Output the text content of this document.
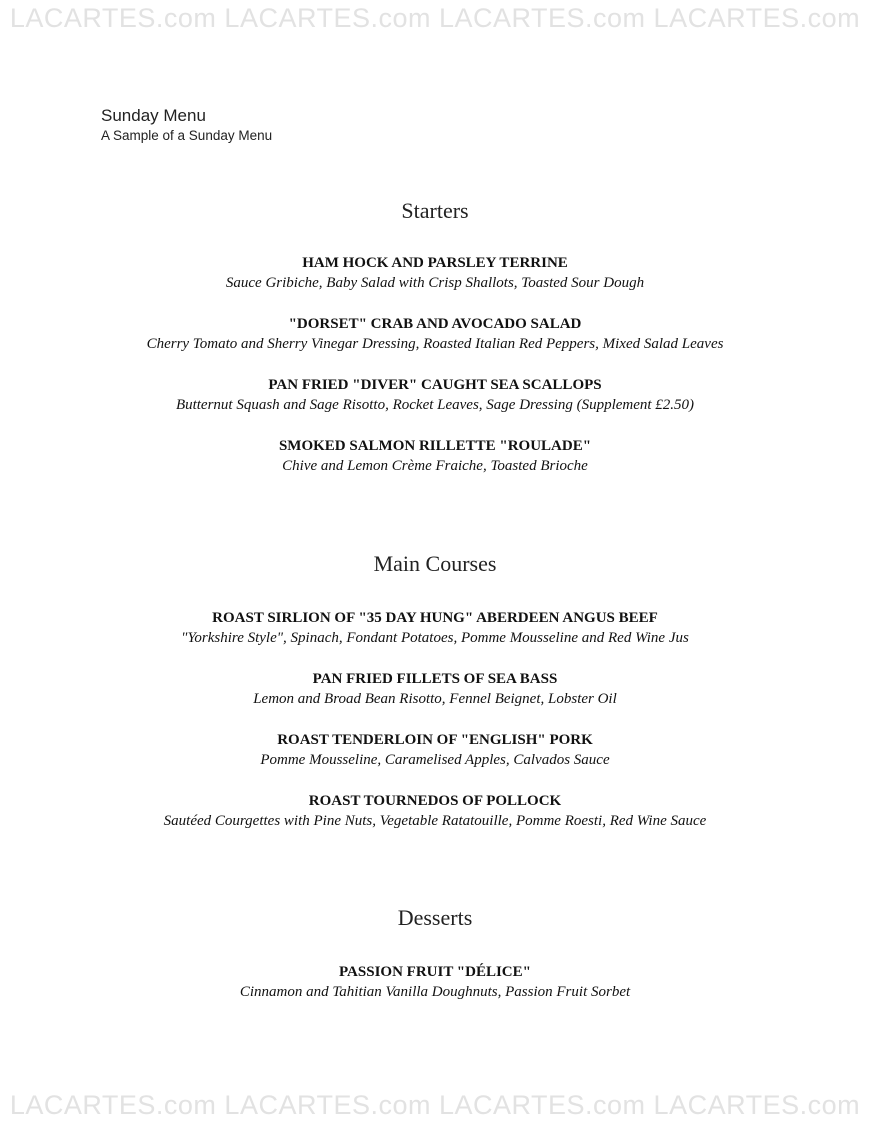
LACARTES.com LACARTES.com LACARTES.com LACARTES.com
Sunday Menu
A Sample of a Sunday Menu
Starters
HAM HOCK AND PARSLEY TERRINE
Sauce Gribiche, Baby Salad with Crisp Shallots, Toasted Sour Dough
"DORSET" CRAB AND AVOCADO SALAD
Cherry Tomato and Sherry Vinegar Dressing, Roasted Italian Red Peppers, Mixed Salad Leaves
PAN FRIED "DIVER" CAUGHT SEA SCALLOPS
Butternut Squash and Sage Risotto, Rocket Leaves, Sage Dressing (Supplement £2.50)
SMOKED SALMON RILLETTE "ROULADE"
Chive and Lemon Crème Fraiche, Toasted Brioche
Main Courses
ROAST SIRLION OF "35 DAY HUNG" ABERDEEN ANGUS BEEF
"Yorkshire Style", Spinach, Fondant Potatoes, Pomme Mousseline and Red Wine Jus
PAN FRIED FILLETS OF SEA BASS
Lemon and Broad Bean Risotto, Fennel Beignet, Lobster Oil
ROAST TENDERLOIN OF "ENGLISH" PORK
Pomme Mousseline, Caramelised Apples, Calvados Sauce
ROAST TOURNEDOS OF POLLOCK
Sautéed Courgettes with Pine Nuts, Vegetable Ratatouille, Pomme Roesti, Red Wine Sauce
Desserts
PASSION FRUIT "DÉLICE"
Cinnamon and Tahitian Vanilla Doughnuts, Passion Fruit Sorbet
LACARTES.com LACARTES.com LACARTES.com LACARTES.com
